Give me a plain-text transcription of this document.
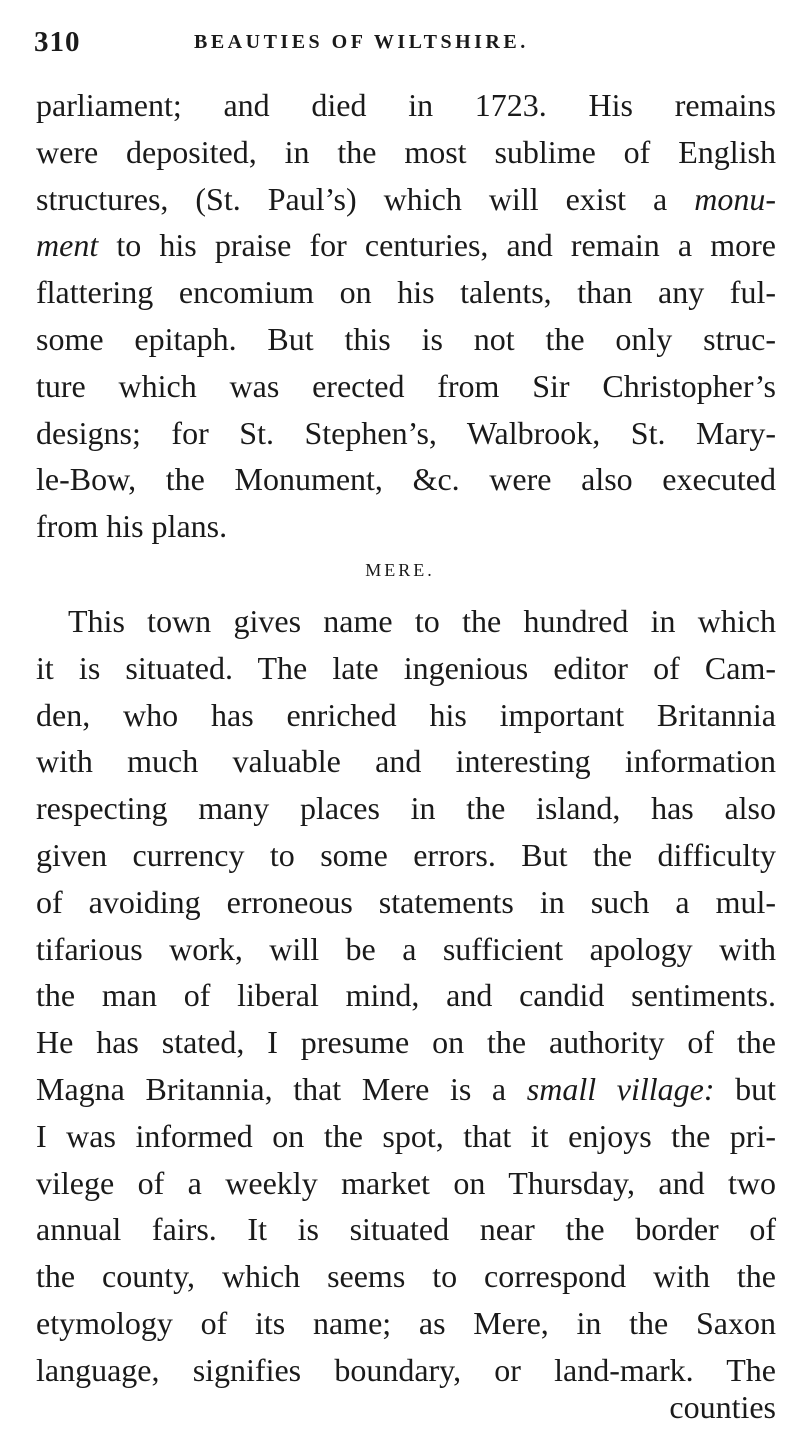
310	BEAUTIES OF WILTSHIRE.
parliament; and died in 1723. His remains
were deposited, in the most sublime of English
structures, (St. Paul’s) which will exist a monu-
ment to his praise for centuries, and remain a more
flattering encomium on his talents, than any ful-
some epitaph. But this is not the only struc-
ture which was erected from Sir Christopher’s
designs; for St. Stephen’s, Walbrook, St. Mary-
le-Bow, the Monument, &c. were also executed
from his plans.
MERE.
This town gives name to the hundred in which
it is situated. The late ingenious editor of Cam-
den, who has enriched his important Britannia
with much valuable and interesting information
respecting many places in the island, has also
given currency to some errors. But the difficulty
of avoiding erroneous statements in such a mul-
tifarious work, will be a sufficient apology with
the man of liberal mind, and candid sentiments.
He has stated, I presume on the authority of the
Magna Britannia, that Mere is a small village: but
I was informed on the spot, that it enjoys the pri-
vilege of a weekly market on Thursday, and two
annual fairs. It is situated near the border of
the county, which seems to correspond with the
etymology of its name; as Mere, in the Saxon
language, signifies boundary, or land-mark. The
counties
